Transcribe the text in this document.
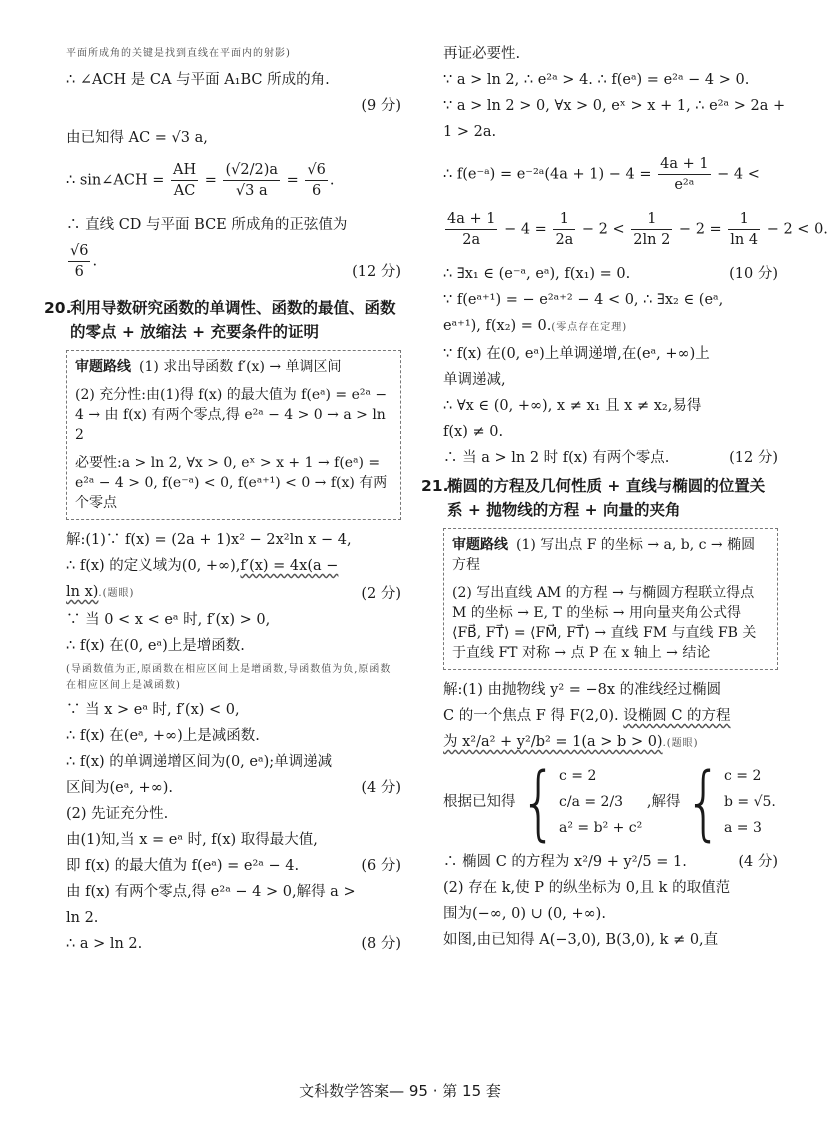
平面所成角的关键是找到直线在平面内的射影)
∴ ∠ACH 是 CA 与平面 A₁BC 所成的角.
(9 分)
由已知得 AC = √3 a,
∴ sin∠ACH = $\frac{AH}{AC} = \frac{(√2/2)a}{√3 a} = \frac{√6}{6}$ .
∴ 直线 CD 与平面 BCE 所成角的正弦值为
$\frac{√6}{6}$ .
(12 分)
20.
利用导数研究函数的单调性、函数的最值、函数的零点 + 放缩法 + 充要条件的证明
审题路线 (1) 求出导函数 f′(x) → 单调区间
(2) 充分性:由(1)得 f(x) 的最大值为 f(eᵃ) = e²ᵃ − 4 → 由 f(x) 有两个零点,得 e²ᵃ − 4 > 0 → a > ln 2
必要性:a > ln 2, ∀x > 0, eˣ > x + 1 → f(eᵃ) = e²ᵃ − 4 > 0, f(e⁻ᵃ) < 0, f(eᵃ⁺¹) < 0 → f(x) 有两个零点
解:(1)∵ f(x) = (2a + 1)x² − 2x²ln x − 4,
∴ f(x) 的定义域为(0, +∞),f′(x) = 4x(a −
ln x).(题眼)	(2 分)
∵ 当 0 < x < eᵃ 时, f′(x) > 0,
∴ f(x) 在(0, eᵃ)上是增函数.
(导函数值为正,原函数在相应区间上是增函数,导函数值为负,原函数在相应区间上是减函数)
∵ 当 x > eᵃ 时, f′(x) < 0,
∴ f(x) 在(eᵃ, +∞)上是减函数.
∴ f(x) 的单调递增区间为(0, eᵃ);单调递减
区间为(eᵃ, +∞).	(4 分)
(2) 先证充分性.
由(1)知,当 x = eᵃ 时, f(x) 取得最大值,
即 f(x) 的最大值为 f(eᵃ) = e²ᵃ − 4.	(6 分)
由 f(x) 有两个零点,得 e²ᵃ − 4 > 0,解得 a >
ln 2.
∴ a > ln 2.	(8 分)
再证必要性.
∵ a > ln 2, ∴ e²ᵃ > 4. ∴ f(eᵃ) = e²ᵃ − 4 > 0.
∵ a > ln 2 > 0, ∀x > 0, eˣ > x + 1, ∴ e²ᵃ > 2a +
1 > 2a.
∴ f(e⁻ᵃ) = e⁻²ᵃ(4a + $1) - 4 = \frac{4a + 1}{\text{e²ᵃ}} - 4$ <
$\frac{4a + 1}{2a} - 4 = \frac{1}{2a} - 2 < \frac{1}{2\ln 2} - 2 = \frac{1}{\ln 4} - 2 < 0$.
∴ ∃x₁ ∈ (e⁻ᵃ, eᵃ), f(x₁) = 0.	(10 分)
∵ f(eᵃ⁺¹) = − e²ᵃ⁺² − 4 < 0, ∴ ∃x₂ ∈ (eᵃ,
eᵃ⁺¹), f(x₂) = 0.(零点存在定理)
∵ f(x) 在(0, eᵃ)上单调递增,在(eᵃ, +∞)上
单调递减,
∴ ∀x ∈ (0, +∞), x ≠ x₁ 且 x ≠ x₂,易得
f(x) ≠ 0.
∴ 当 a > ln 2 时 f(x) 有两个零点.	(12 分)
21.
椭圆的方程及几何性质 + 直线与椭圆的位置关系 + 抛物线的方程 + 向量的夹角
审题路线 (1) 写出点 F 的坐标 → a, b, c → 椭圆方程
(2) 写出直线 AM 的方程 → 与椭圆方程联立得点 M 的坐标 → E, T 的坐标 → 用向量夹角公式得 ⟨FB⃗, FT⃗⟩ = ⟨FM⃗, FT⃗⟩ → 直线 FM 与直线 FB 关于直线 FT 对称 → 点 P 在 x 轴上 → 结论
解:(1) 由抛物线 y² = −8x 的准线经过椭圆
C 的一个焦点 F 得 F(2,0). 设椭圆 C 的方程
为 x²/a² + y²/b² = 1(a > b > 0).(题眼)
根据已知得 { c = 2
c/a = 2/3
a² = b² + c²
,解得 { c = 2
b = √5.
a = 3
∴ 椭圆 C 的方程为 x²/9 + y²/5 = 1.	(4 分)
(2) 存在 k,使 P 的纵坐标为 0,且 k 的取值范
围为(−∞, 0) ∪ (0, +∞).
如图,由已知得 A(−3,0), B(3,0), k ≠ 0,直
文科数学答案— 95 · 第 15 套
